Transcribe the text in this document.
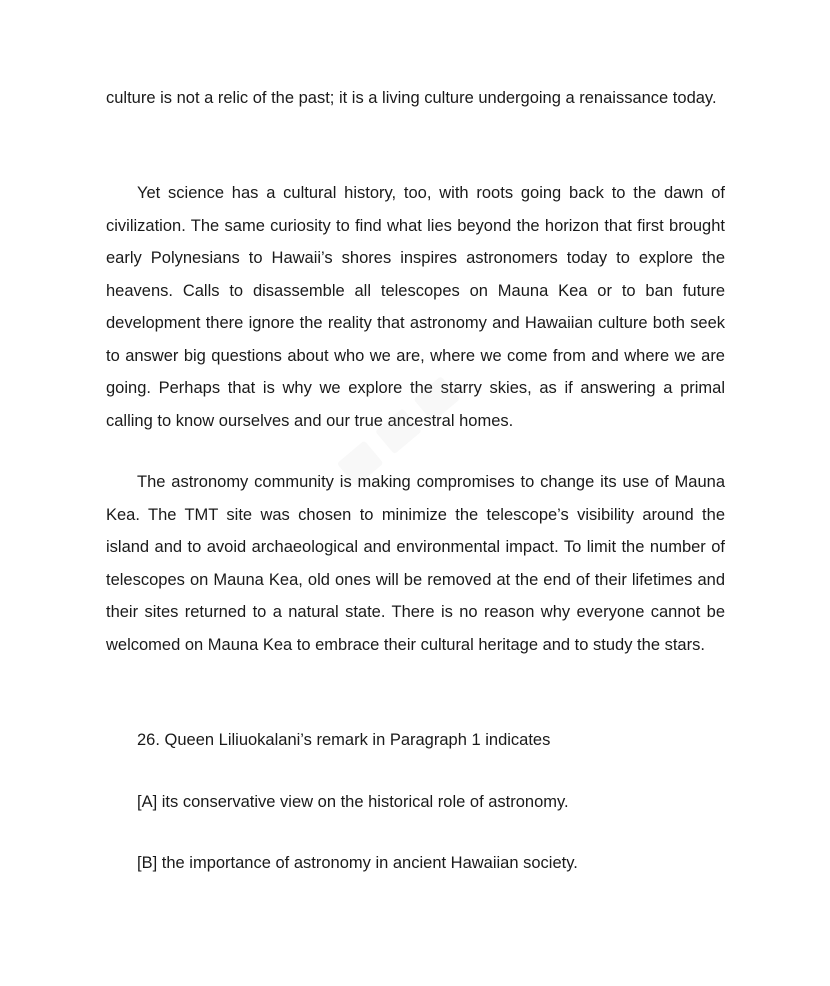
culture is not a relic of the past; it is a living culture undergoing a renaissance today.

Yet science has a cultural history, too, with roots going back to the dawn of civilization. The same curiosity to find what lies beyond the horizon that first brought early Polynesians to Hawaii’s shores inspires astronomers today to explore the heavens. Calls to disassemble all telescopes on Mauna Kea or to ban future development there ignore the reality that astronomy and Hawaiian culture both seek to answer big questions about who we are, where we come from and where we are going. Perhaps that is why we explore the starry skies, as if answering a primal calling to know ourselves and our true ancestral homes.

The astronomy community is making compromises to change its use of Mauna Kea. The TMT site was chosen to minimize the telescope’s visibility around the island and to avoid archaeological and environmental impact. To limit the number of telescopes on Mauna Kea, old ones will be removed at the end of their lifetimes and their sites returned to a natural state. There is no reason why everyone cannot be welcomed on Mauna Kea to embrace their cultural heritage and to study the stars.

26. Queen Liliuokalani’s remark in Paragraph 1 indicates

[A] its conservative view on the historical role of astronomy.

[B] the importance of astronomy in ancient Hawaiian society.
